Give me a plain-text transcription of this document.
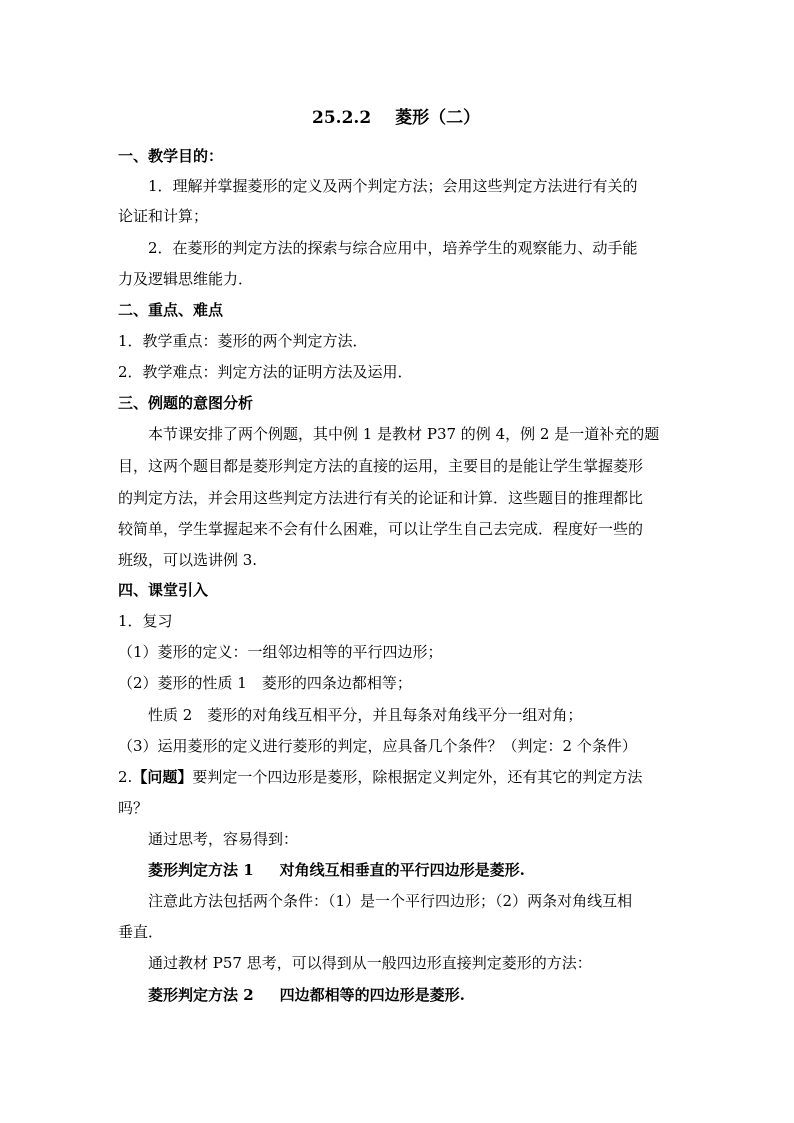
25.2.2 菱形（二）
一、教学目的：
1．理解并掌握菱形的定义及两个判定方法；会用这些判定方法进行有关的
论证和计算；
2．在菱形的判定方法的探索与综合应用中，培养学生的观察能力、动手能
力及逻辑思维能力．
二、重点、难点
1．教学重点：菱形的两个判定方法．
2．教学难点：判定方法的证明方法及运用．
三、例题的意图分析
本节课安排了两个例题，其中例 1 是教材 P37 的例 4，例 2 是一道补充的题
目，这两个题目都是菱形判定方法的直接的运用，主要目的是能让学生掌握菱形
的判定方法，并会用这些判定方法进行有关的论证和计算．这些题目的推理都比
较简单，学生掌握起来不会有什么困难，可以让学生自己去完成．程度好一些的
班级，可以选讲例 3.
四、课堂引入
1．复习
（1）菱形的定义：一组邻边相等的平行四边形；
（2）菱形的性质 1　菱形的四条边都相等；
性质 2　菱形的对角线互相平分，并且每条对角线平分一组对角；
（3）运用菱形的定义进行菱形的判定，应具备几个条件？（判定：2 个条件）
2.【问题】要判定一个四边形是菱形，除根据定义判定外，还有其它的判定方法
吗？
通过思考，容易得到：
菱形判定方法 1 对角线互相垂直的平行四边形是菱形.
注意此方法包括两个条件：（1）是一个平行四边形；（2）两条对角线互相
垂直．
通过教材 P57 思考，可以得到从一般四边形直接判定菱形的方法：
菱形判定方法 2 四边都相等的四边形是菱形.
